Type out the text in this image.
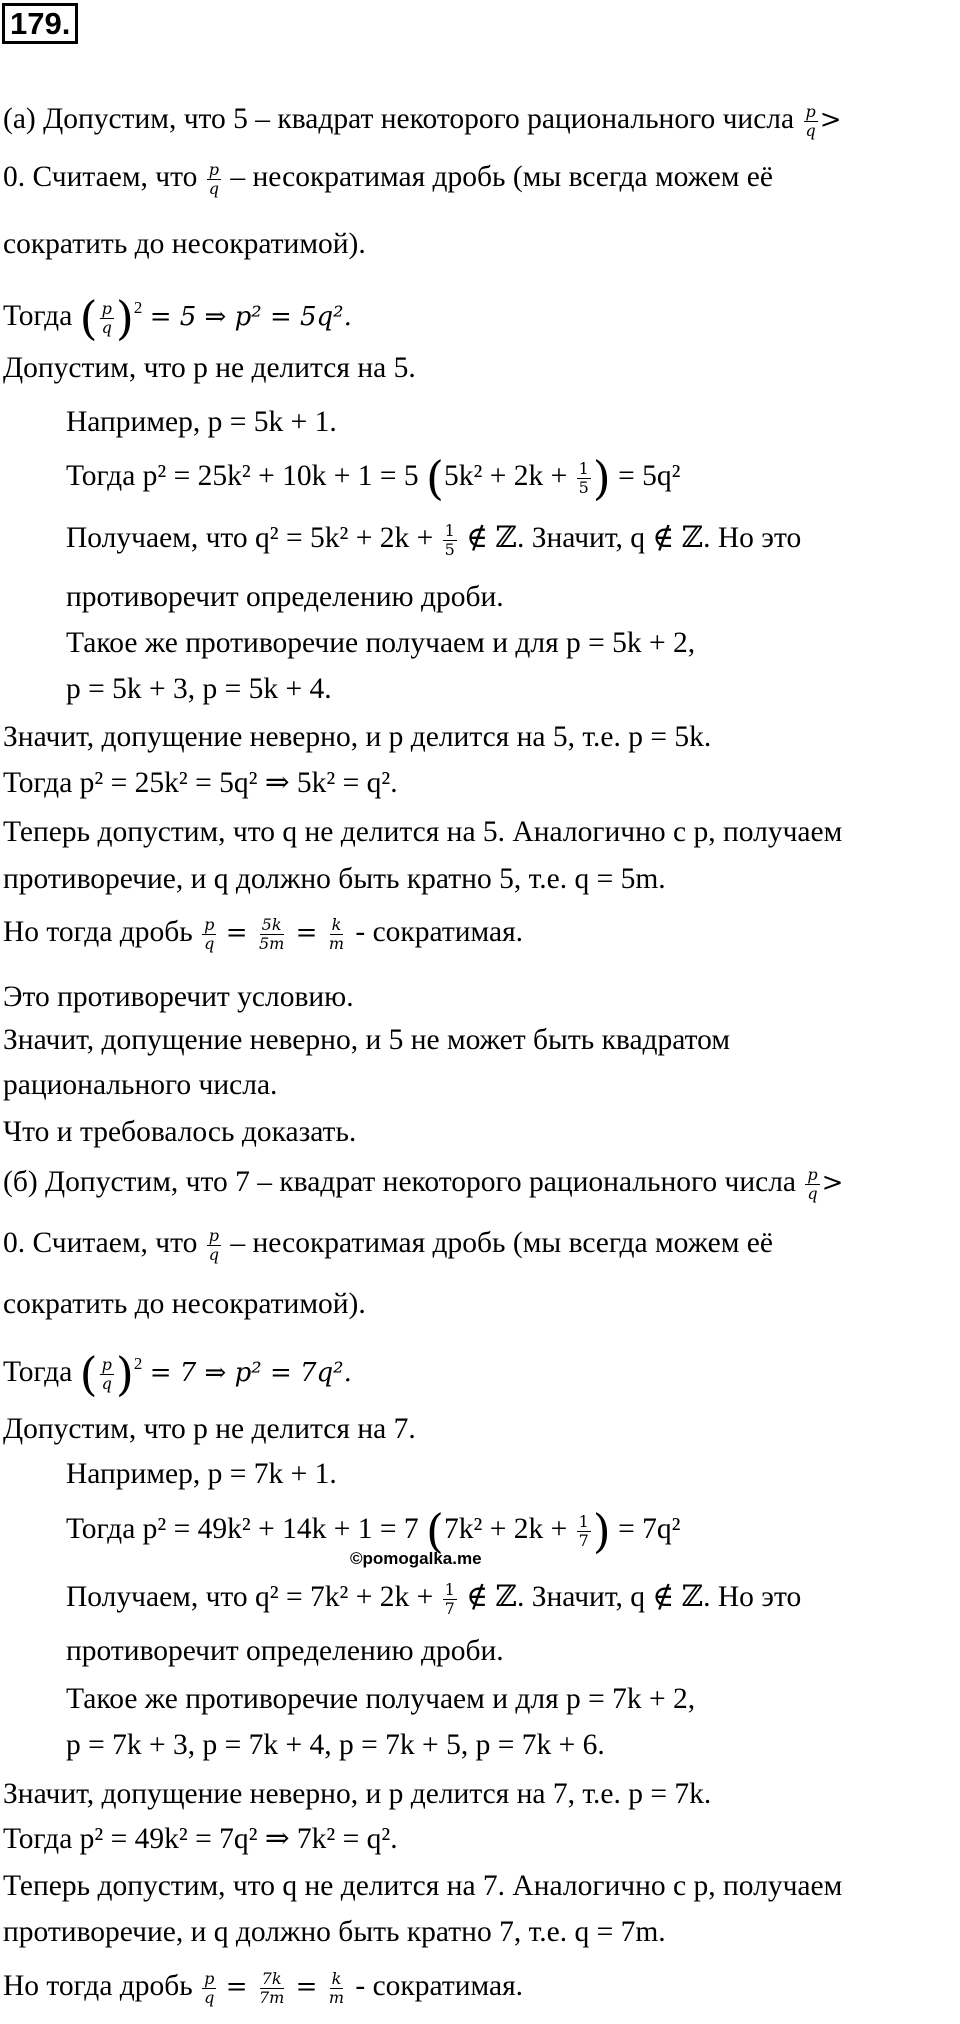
179.
(a) Допустим, что 5 – квадрат некоторого рационального числа $\frac{p}{q}$ >
0. Считаем, что $\frac{p}{q}$ – несократимая дробь (мы всегда можем её
сократить до несократимой).
Тогда ( $\frac{p}{q} )^2 = 5$ ⇒ p² = 5q².
Допустим, что p не делится на 5.
Например, p = 5k + 1.
Тогда p² = 25k² + 10k + 1 = 5 ($5k^2 + 2k + \frac{1}{5}$ ) = 5q²
Получаем, что $q^2 = 5k^2 + 2k + \frac{1}{5}$ ∉ ℤ. Значит, q ∉ ℤ. Но это
противоречит определению дроби.
Такое же противоречие получаем и для p = 5k + 2,
p = 5k + 3, p = 5k + 4.
Значит, допущение неверно, и p делится на 5, т.е. p = 5k.
Тогда p² = 25k² = 5q² ⇒ 5k² = q².
Теперь допустим, что q не делится на 5. Аналогично с p, получаем
противоречие, и q должно быть кратно 5, т.е. q = 5m.
Но тогда дробь $\frac{p}{q} = \frac{5k}{5m} = \frac{k}{m}$ - сократимая.
Это противоречит условию.
Значит, допущение неверно, и 5 не может быть квадратом
рационального числа.
Что и требовалось доказать.
(б) Допустим, что 7 – квадрат некоторого рационального числа $\frac{p}{q}$ >
0. Считаем, что $\frac{p}{q}$ – несократимая дробь (мы всегда можем её
сократить до несократимой).
Тогда ( $\frac{p}{q} )^2 = 7$ ⇒ p² = 7q².
Допустим, что p не делится на 7.
Например, p = 7k + 1.
Тогда p² = 49k² + 14k + 1 = 7 ($7k^2 + 2k + \frac{1}{7}$ ) = 7q²
Получаем, что $q^2 = 7k^2 + 2k + \frac{1}{7}$ ∉ ℤ. Значит, q ∉ ℤ. Но это
противоречит определению дроби.
Такое же противоречие получаем и для p = 7k + 2,
p = 7k + 3, p = 7k + 4, p = 7k + 5, p = 7k + 6.
Значит, допущение неверно, и p делится на 7, т.е. p = 7k.
Тогда p² = 49k² = 7q² ⇒ 7k² = q².
Теперь допустим, что q не делится на 7. Аналогично с p, получаем
противоречие, и q должно быть кратно 7, т.е. q = 7m.
Но тогда дробь $\frac{p}{q} = \frac{7k}{7m} = \frac{k}{m}$ - сократимая.
©pomogalka.me
